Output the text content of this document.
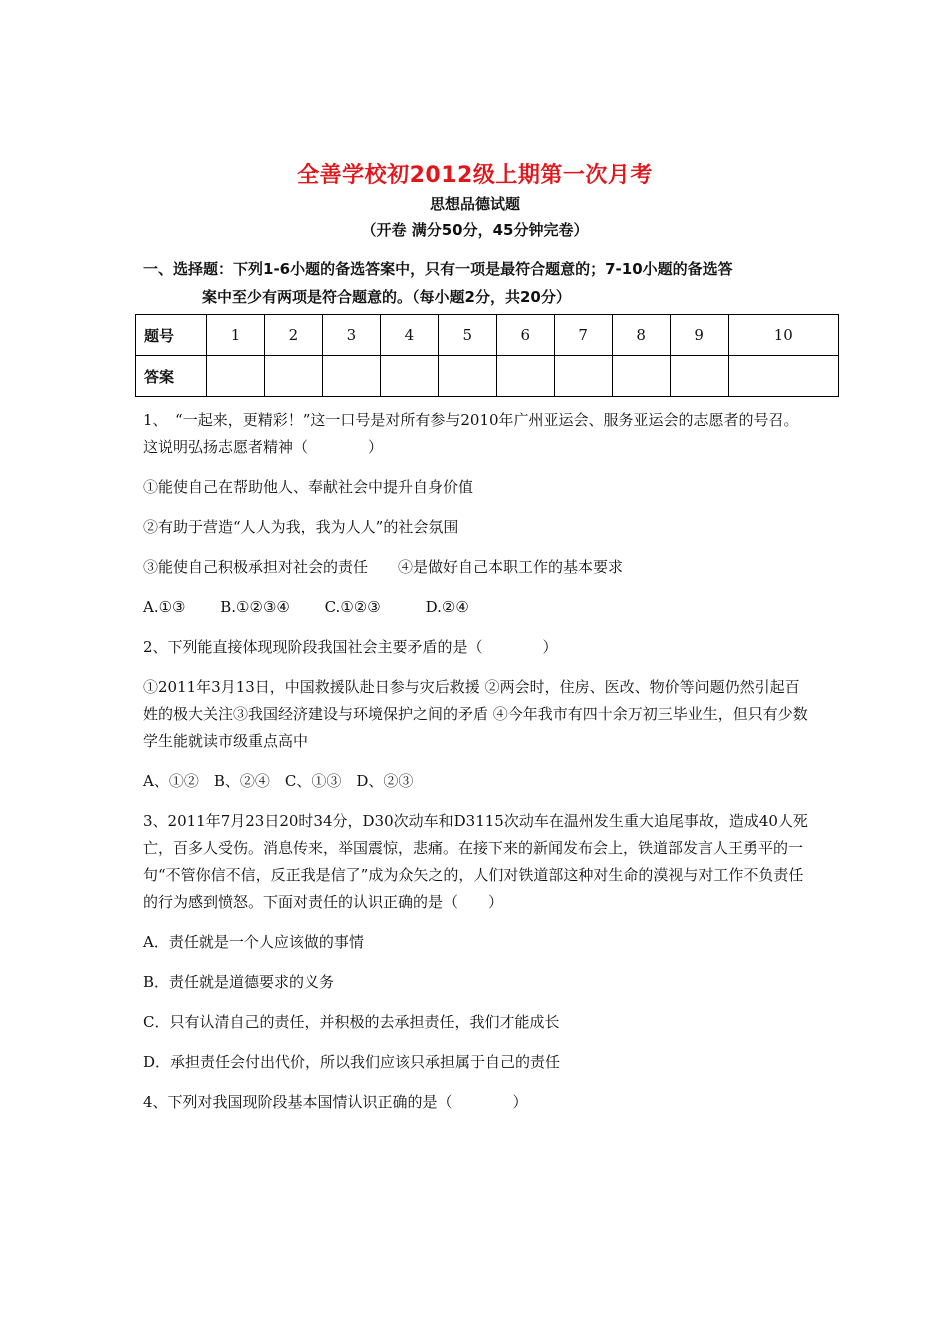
全善学校初2012级上期第一次月考
思想品德试题
（开卷 满分50分，45分钟完卷）
一、选择题：下列1-6小题的备选答案中，只有一项是最符合题意的；7-10小题的备选答
案中至少有两项是符合题意的。（每小题2分，共20分）
题号	1	2	3	4	5	6	7	8	9	10
答案										

1、　“一起来，更精彩！”这一口号是对所有参与2010年广州亚运会、服务亚运会的志愿者的号召。这说明弘扬志愿者精神（　　　　）

①能使自己在帮助他人、奉献社会中提升自身价值

②有助于营造“人人为我，我为人人”的社会氛围

③能使自己积极承担对社会的责任　　④是做好自己本职工作的基本要求

A.①③　　 B.①②③④　　 C.①②③　　　D.②④

2、下列能直接体现现阶段我国社会主要矛盾的是（　　　　）

①2011年3月13日，中国救援队赴日参与灾后救援 ②两会时，住房、医改、物价等问题仍然引起百姓的极大关注③我国经济建设与环境保护之间的矛盾 ④今年我市有四十余万初三毕业生，但只有少数学生能就读市级重点高中

A、①②　B、②④　C、①③　D、②③

3、2011年7月23日20时34分，D30次动车和D3115次动车在温州发生重大追尾事故，造成40人死亡，百多人受伤。消息传来，举国震惊，悲痛。在接下来的新闻发布会上，铁道部发言人王勇平的一句“不管你信不信，反正我是信了”成为众矢之的，人们对铁道部这种对生命的漠视与对工作不负责任的行为感到愤怒。下面对责任的认识正确的是（　　）

A．责任就是一个人应该做的事情

B．责任就是道德要求的义务

C．只有认清自己的责任，并积极的去承担责任，我们才能成长

D．承担责任会付出代价，所以我们应该只承担属于自己的责任

4、下列对我国现阶段基本国情认识正确的是（　　　　）
